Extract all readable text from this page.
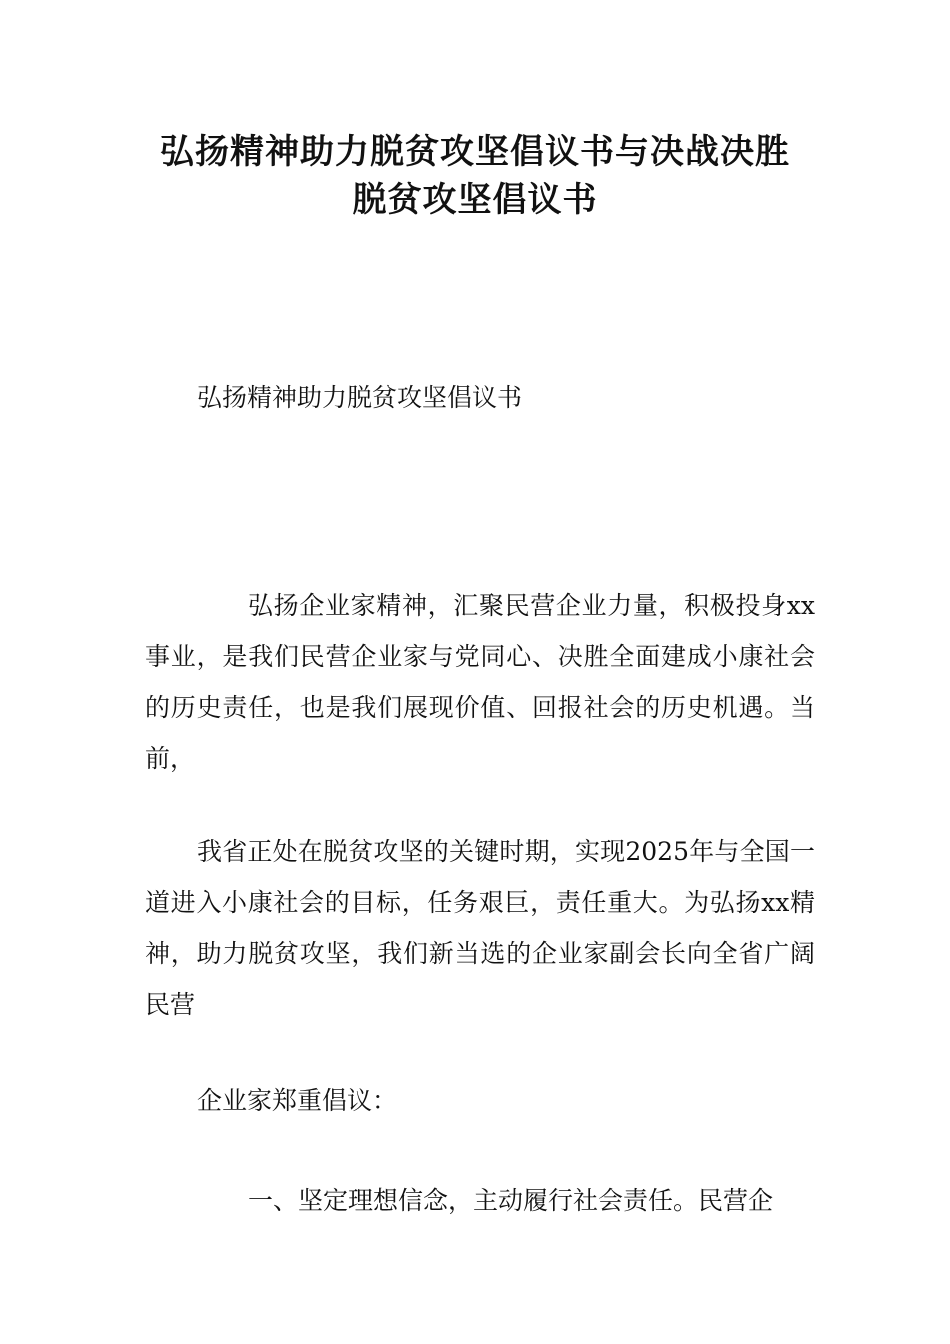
弘扬精神助力脱贫攻坚倡议书与决战决胜
脱贫攻坚倡议书

弘扬精神助力脱贫攻坚倡议书

弘扬企业家精神，汇聚民营企业力量，积极投身xx事业，是我们民营企业家与党同心、决胜全面建成小康社会的历史责任，也是我们展现价值、回报社会的历史机遇。当前，

我省正处在脱贫攻坚的关键时期，实现2025年与全国一道进入小康社会的目标，任务艰巨，责任重大。为弘扬xx精神，助力脱贫攻坚，我们新当选的企业家副会长向全省广阔民营

企业家郑重倡议：

一、坚定理想信念，主动履行社会责任。民营企
